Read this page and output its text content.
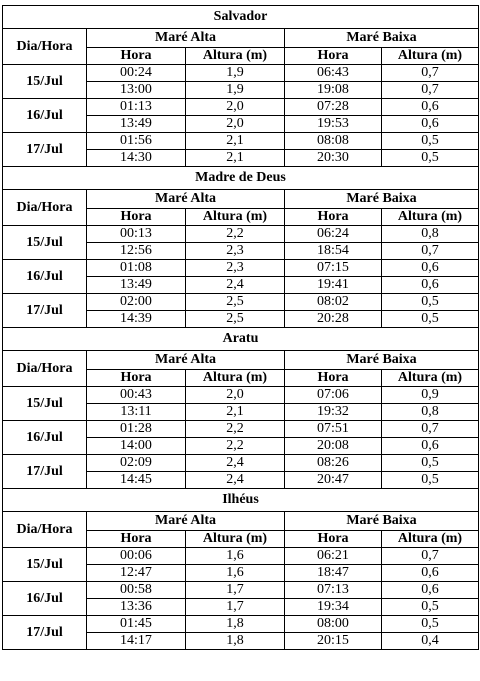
Salvador				
Dia/Hora	Maré Alta		Maré Baixa	
	Hora	Altura (m)	Hora	Altura (m)
15/Jul	00:24	1,9	06:43	0,7
	13:00	1,9	19:08	0,7
16/Jul	01:13	2,0	07:28	0,6
	13:49	2,0	19:53	0,6
17/Jul	01:56	2,1	08:08	0,5
	14:30	2,1	20:30	0,5
Madre de Deus				
Dia/Hora	Maré Alta		Maré Baixa	
	Hora	Altura (m)	Hora	Altura (m)
15/Jul	00:13	2,2	06:24	0,8
	12:56	2,3	18:54	0,7
16/Jul	01:08	2,3	07:15	0,6
	13:49	2,4	19:41	0,6
17/Jul	02:00	2,5	08:02	0,5
	14:39	2,5	20:28	0,5
Aratu				
Dia/Hora	Maré Alta		Maré Baixa	
	Hora	Altura (m)	Hora	Altura (m)
15/Jul	00:43	2,0	07:06	0,9
	13:11	2,1	19:32	0,8
16/Jul	01:28	2,2	07:51	0,7
	14:00	2,2	20:08	0,6
17/Jul	02:09	2,4	08:26	0,5
	14:45	2,4	20:47	0,5
Ilhéus				
Dia/Hora	Maré Alta		Maré Baixa	
	Hora	Altura (m)	Hora	Altura (m)
15/Jul	00:06	1,6	06:21	0,7
	12:47	1,6	18:47	0,6
16/Jul	00:58	1,7	07:13	0,6
	13:36	1,7	19:34	0,5
17/Jul	01:45	1,8	08:00	0,5
	14:17	1,8	20:15	0,4
